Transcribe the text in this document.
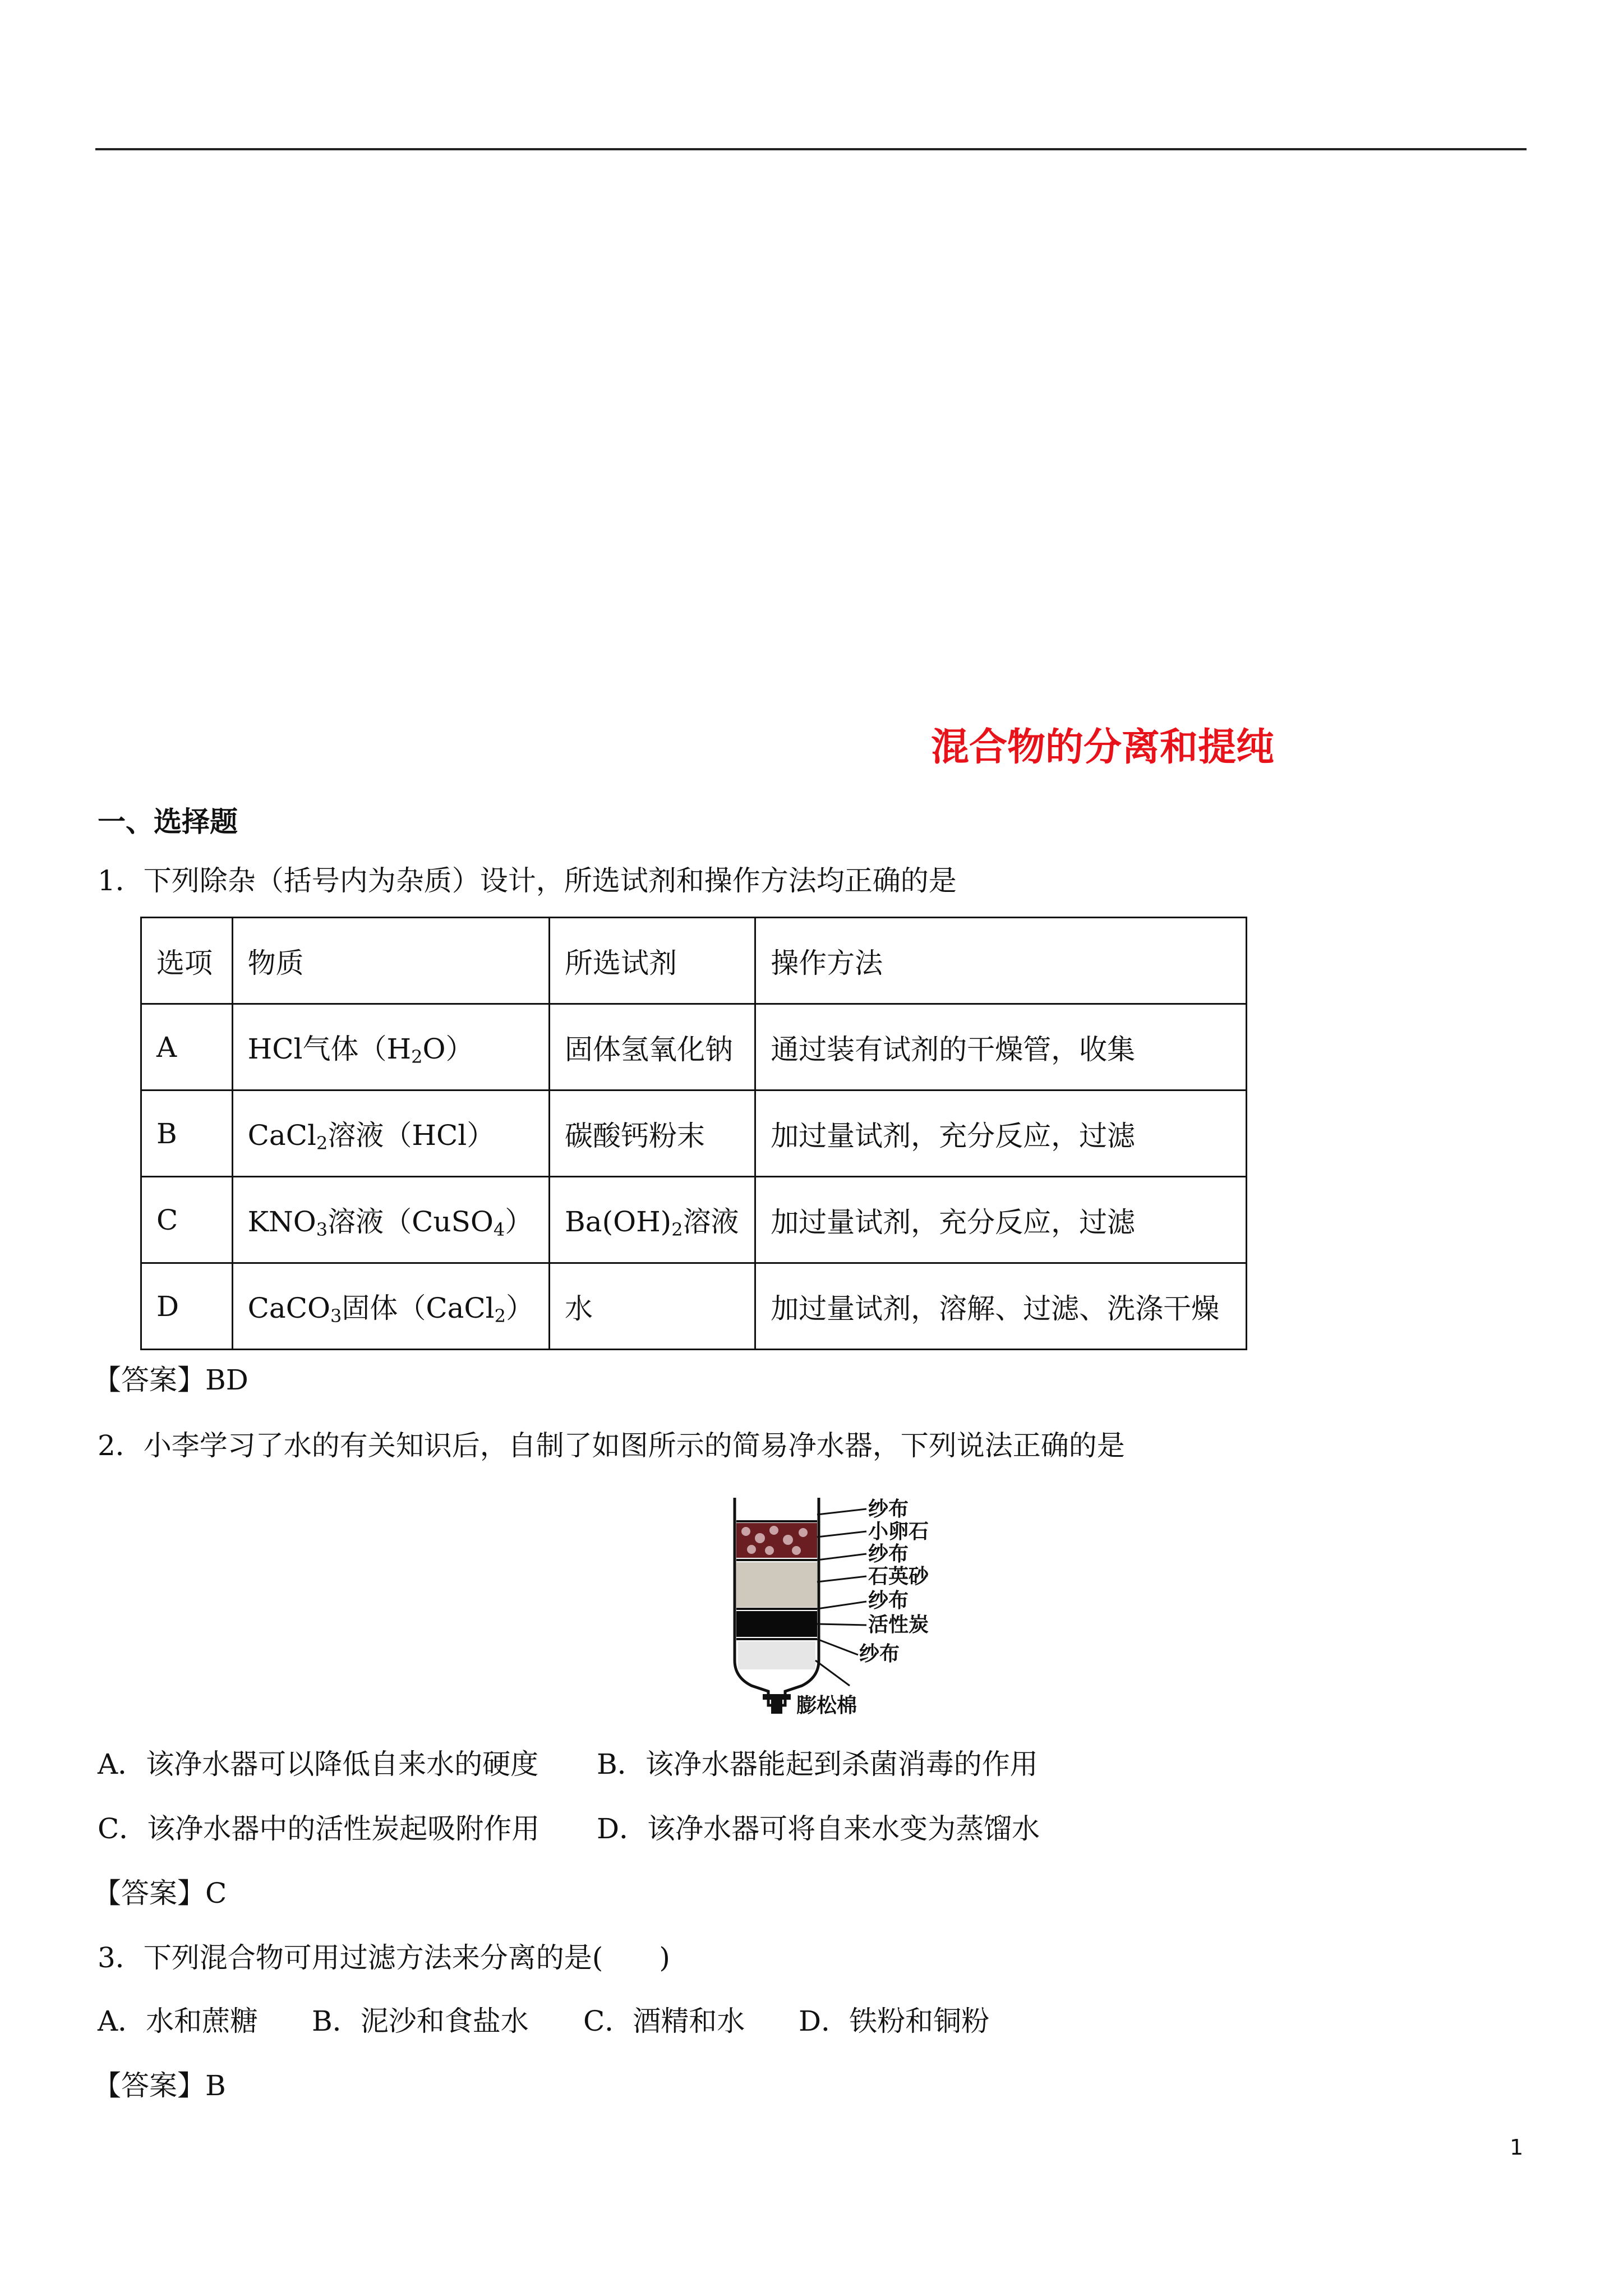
混合物的分离和提纯
一、选择题
1．下列除杂（括号内为杂质）设计，所选试剂和操作方法均正确的是
选项	物质	所选试剂	操作方法
A	HCl气体$(H_2O)$	固体氢氧化钠	通过装有试剂的干燥管，收集
B	CaCl$_2$溶液（HCl）	碳酸钙粉末	加过量试剂，充分反应，过滤
C	$KNO_3$溶液（CuSO$_4$）	$Ba(OH)_2$溶液	加过量试剂，充分反应，过滤
D	CaCO$_3$固体（CaCl$_2$）	水	加过量试剂，溶解、过滤、洗涤干燥
【答案】BD
2．小李学习了水的有关知识后，自制了如图所示的简易净水器，下列说法正确的是
纱布
小卵石
纱布
石英砂
纱布
活性炭
纱布
膨松棉
A．该净水器可以降低自来水的硬度 B．该净水器能起到杀菌消毒的作用
C．该净水器中的活性炭起吸附作用 D．该净水器可将自来水变为蒸馏水
【答案】C
3．下列混合物可用过滤方法来分离的是(　　)
A．水和蔗糖 B．泥沙和食盐水 C．酒精和水 D．铁粉和铜粉
【答案】B
1
